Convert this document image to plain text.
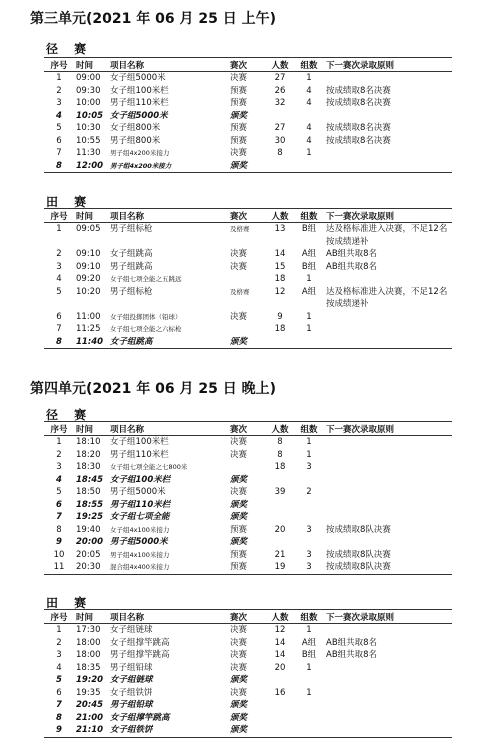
第三单元(2021 年 06 月 25 日 上午)
径 赛
序号	时间	项目名称	赛次	人数	组数	下一赛次录取原则
1	09:00	女子组5000米	决赛	27	1	
2	09:30	女子组100米栏	预赛	26	4	按成绩取8名决赛
3	10:00	男子组110米栏	预赛	32	4	按成绩取8名决赛
4	10:05	女子组5000米	颁奖			
5	10:30	女子组800米	预赛	27	4	按成绩取8名决赛
6	10:55	男子组800米	预赛	30	4	按成绩取8名决赛
7	11:30	男子组4x200米接力	决赛	8	1	
8	12:00	男子组4x200米接力	颁奖			
田 赛
序号	时间	项目名称	赛次	人数	组数	下一赛次录取原则
1	09:05	男子组标枪	及格赛	13	B组	达及格标准进入决赛，不足12名按成绩递补
2	09:10	女子组跳高	决赛	14	A组	AB组共取8名
3	09:10	男子组跳高	决赛	15	B组	AB组共取8名
4	09:20	女子组七项全能之五跳远		18	1	
5	10:20	男子组标枪	及格赛	12	A组	达及格标准进入决赛，不足12名按成绩递补
6	11:00	女子组投掷团体（铅球）	决赛	9	1	
7	11:25	女子组七项全能之六标枪		18	1	
8	11:40	女子组跳高	颁奖			
第四单元(2021 年 06 月 25 日 晚上)
径 赛
序号	时间	项目名称	赛次	人数	组数	下一赛次录取原则
1	18:10	女子组100米栏	决赛	8	1	
2	18:20	男子组110米栏	决赛	8	1	
3	18:30	女子组七项全能之七800米		18	3	
4	18:45	女子组100米栏	颁奖			
5	18:50	男子组5000米	决赛	39	2	
6	18:55	男子组110米栏	颁奖			
7	19:25	女子组七项全能	颁奖			
8	19:40	女子组4x100米接力	预赛	20	3	按成绩取8队决赛
9	20:00	男子组5000米	颁奖			
10	20:05	男子组4x100米接力	预赛	21	3	按成绩取8队决赛
11	20:30	混合组4x400米接力	预赛	19	3	按成绩取8队决赛
田 赛
序号	时间	项目名称	赛次	人数	组数	下一赛次录取原则
1	17:30	女子组链球	决赛	12	1	
2	18:00	女子组撑竿跳高	决赛	14	A组	AB组共取8名
3	18:00	男子组撑竿跳高	决赛	14	B组	AB组共取8名
4	18:35	男子组铅球	决赛	20	1	
5	19:20	女子组链球	颁奖			
6	19:35	女子组铁饼	决赛	16	1	
7	20:45	男子组铅球	颁奖			
8	21:00	女子组撑竿跳高	颁奖			
9	21:10	女子组铁饼	颁奖			
